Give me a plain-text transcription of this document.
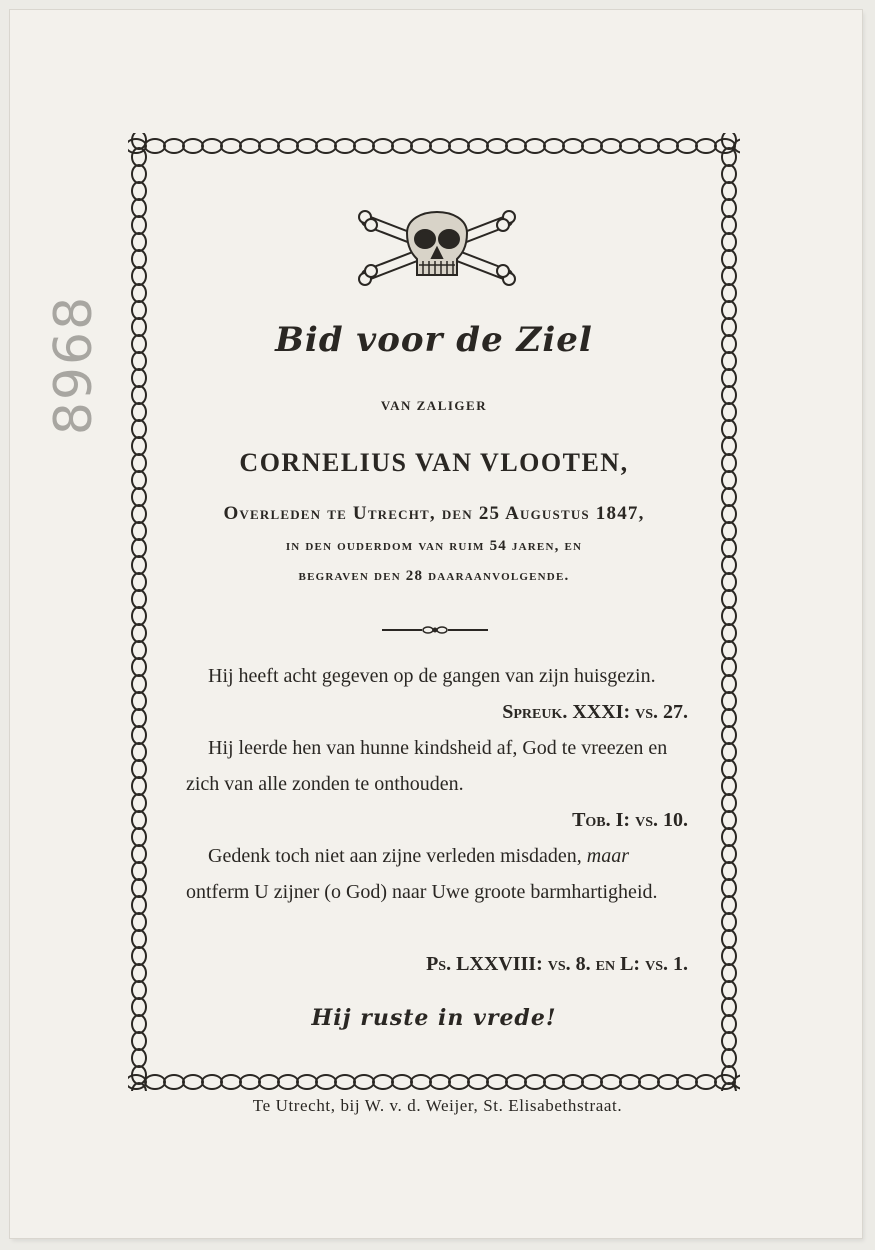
8968	Bid voor de Ziel
VAN ZALIGER
CORNELIUS VAN VLOOTEN,
Overleden te Utrecht, den 25 Augustus 1847,
in den ouderdom van ruim 54 jaren, en
begraven den 28 daaraanvolgende.
Hij heeft acht gegeven op de gangen van zijn huisgezin.
Spreuk. XXXI: vs. 27.
Hij leerde hen van hunne kindsheid af, God te vreezen en zich van alle zonden te onthouden.
Tob. I: vs. 10.
Gedenk toch niet aan zijne verleden misdaden, maar ontferm U zijner (o God) naar Uwe groote barmhartigheid.
Ps. LXXVIII: vs. 8. en L: vs. 1.
Hij ruste in vrede!
Te Utrecht, bij W. v. d. Weijer, St. Elisabethstraat.
